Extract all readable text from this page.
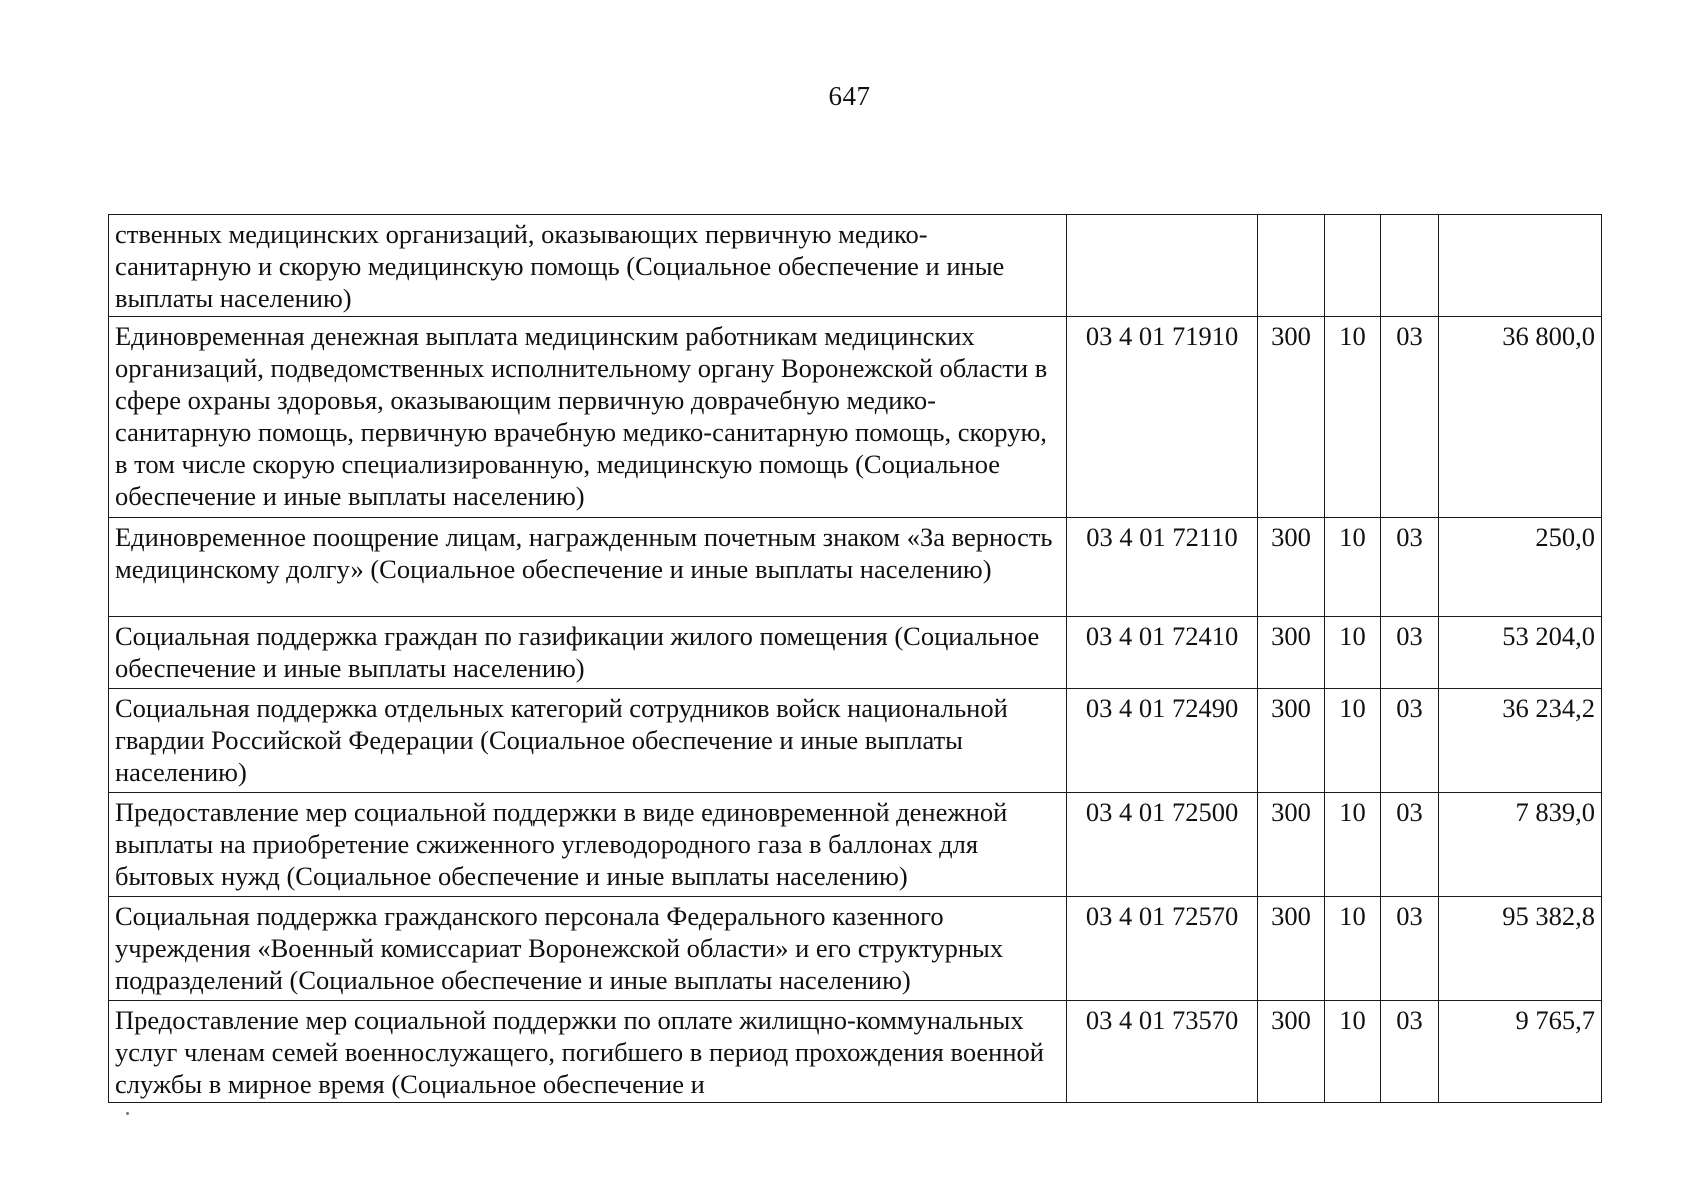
647
ственных медицинских организаций, оказывающих первичную медико-санитарную и скорую медицинскую помощь (Социальное обеспечение и иные выплаты населению)					
Единовременная денежная выплата медицинским работникам медицинских организаций, подведомственных исполнительному органу Воронежской области в сфере охраны здоровья, оказывающим первичную доврачебную медико-санитарную помощь, первичную врачебную медико-санитарную помощь, скорую, в том числе скорую специализированную, медицинскую помощь (Социальное обеспечение и иные выплаты населению)	03 4 01 71910	300	10	03	36 800,0
Единовременное поощрение лицам, награжденным почетным знаком «За верность медицинскому долгу» (Социальное обеспечение и иные выплаты населению)	03 4 01 72110	300	10	03	250,0
Социальная поддержка граждан по газификации жилого помещения (Социальное обеспечение и иные выплаты населению)	03 4 01 72410	300	10	03	53 204,0
Социальная поддержка отдельных категорий сотрудников войск национальной гвардии Российской Федерации (Социальное обеспечение и иные выплаты населению)	03 4 01 72490	300	10	03	36 234,2
Предоставление мер социальной поддержки в виде единовременной денежной выплаты на приобретение сжиженного углеводородного газа в баллонах для бытовых нужд (Социальное обеспечение и иные выплаты населению)	03 4 01 72500	300	10	03	7 839,0
Социальная поддержка гражданского персонала Федерального казенного учреждения «Военный комиссариат Воронежской области» и его структурных подразделений (Социальное обеспечение и иные выплаты населению)	03 4 01 72570	300	10	03	95 382,8
Предоставление мер социальной поддержки по оплате жилищно-коммунальных услуг членам семей военнослужащего, погибшего в период прохождения военной службы в мирное время (Социальное обеспечение и	03 4 01 73570	300	10	03	9 765,7
